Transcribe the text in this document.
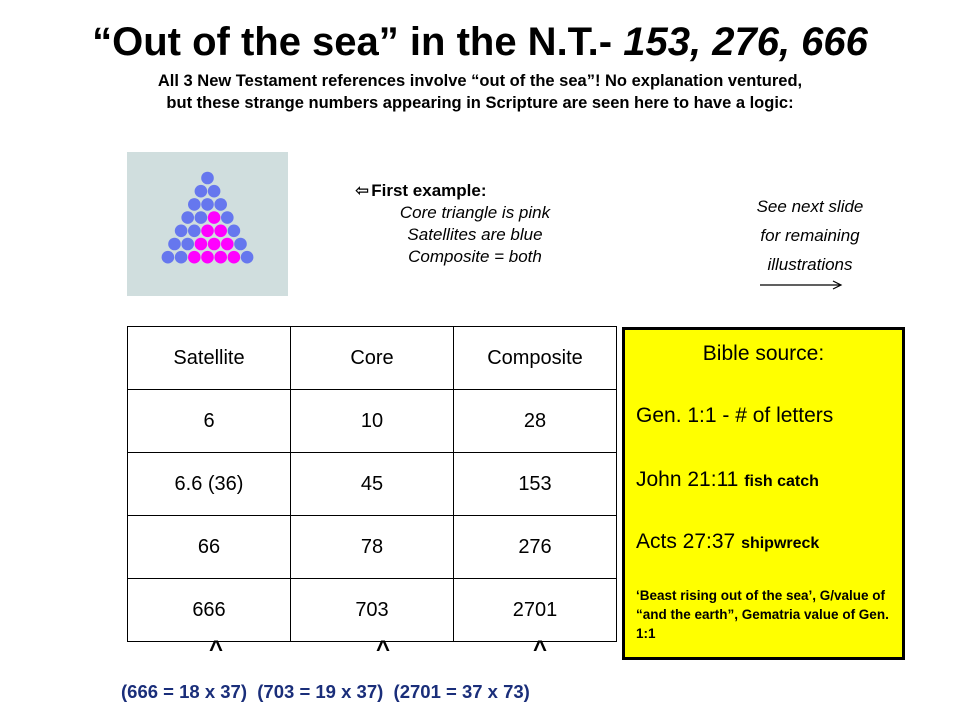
“Out of the sea” in the N.T.- 153, 276, 666
All 3 New Testament references involve “out of the sea”! No explanation ventured,
but these strange numbers appearing in Scripture are seen here to have a logic:
⇦ First example:
Core triangle is pink
Satellites are blue
Composite = both
See next slide
for remaining
illustrations
Satellite	Core	Composite
6	10	28
6.6 (36)	45	153
66	78	276
666	703	2701
Bible source:
Gen. 1:1 - # of letters
John 21:11 fish catch
Acts 27:37 shipwreck
‘Beast rising out of the sea’, G/value of “and the earth”, Gematria value of Gen. 1:1
^	^	^
(666 = 18 x 37)  (703 = 19 x 37)  (2701 = 37 x 73)
